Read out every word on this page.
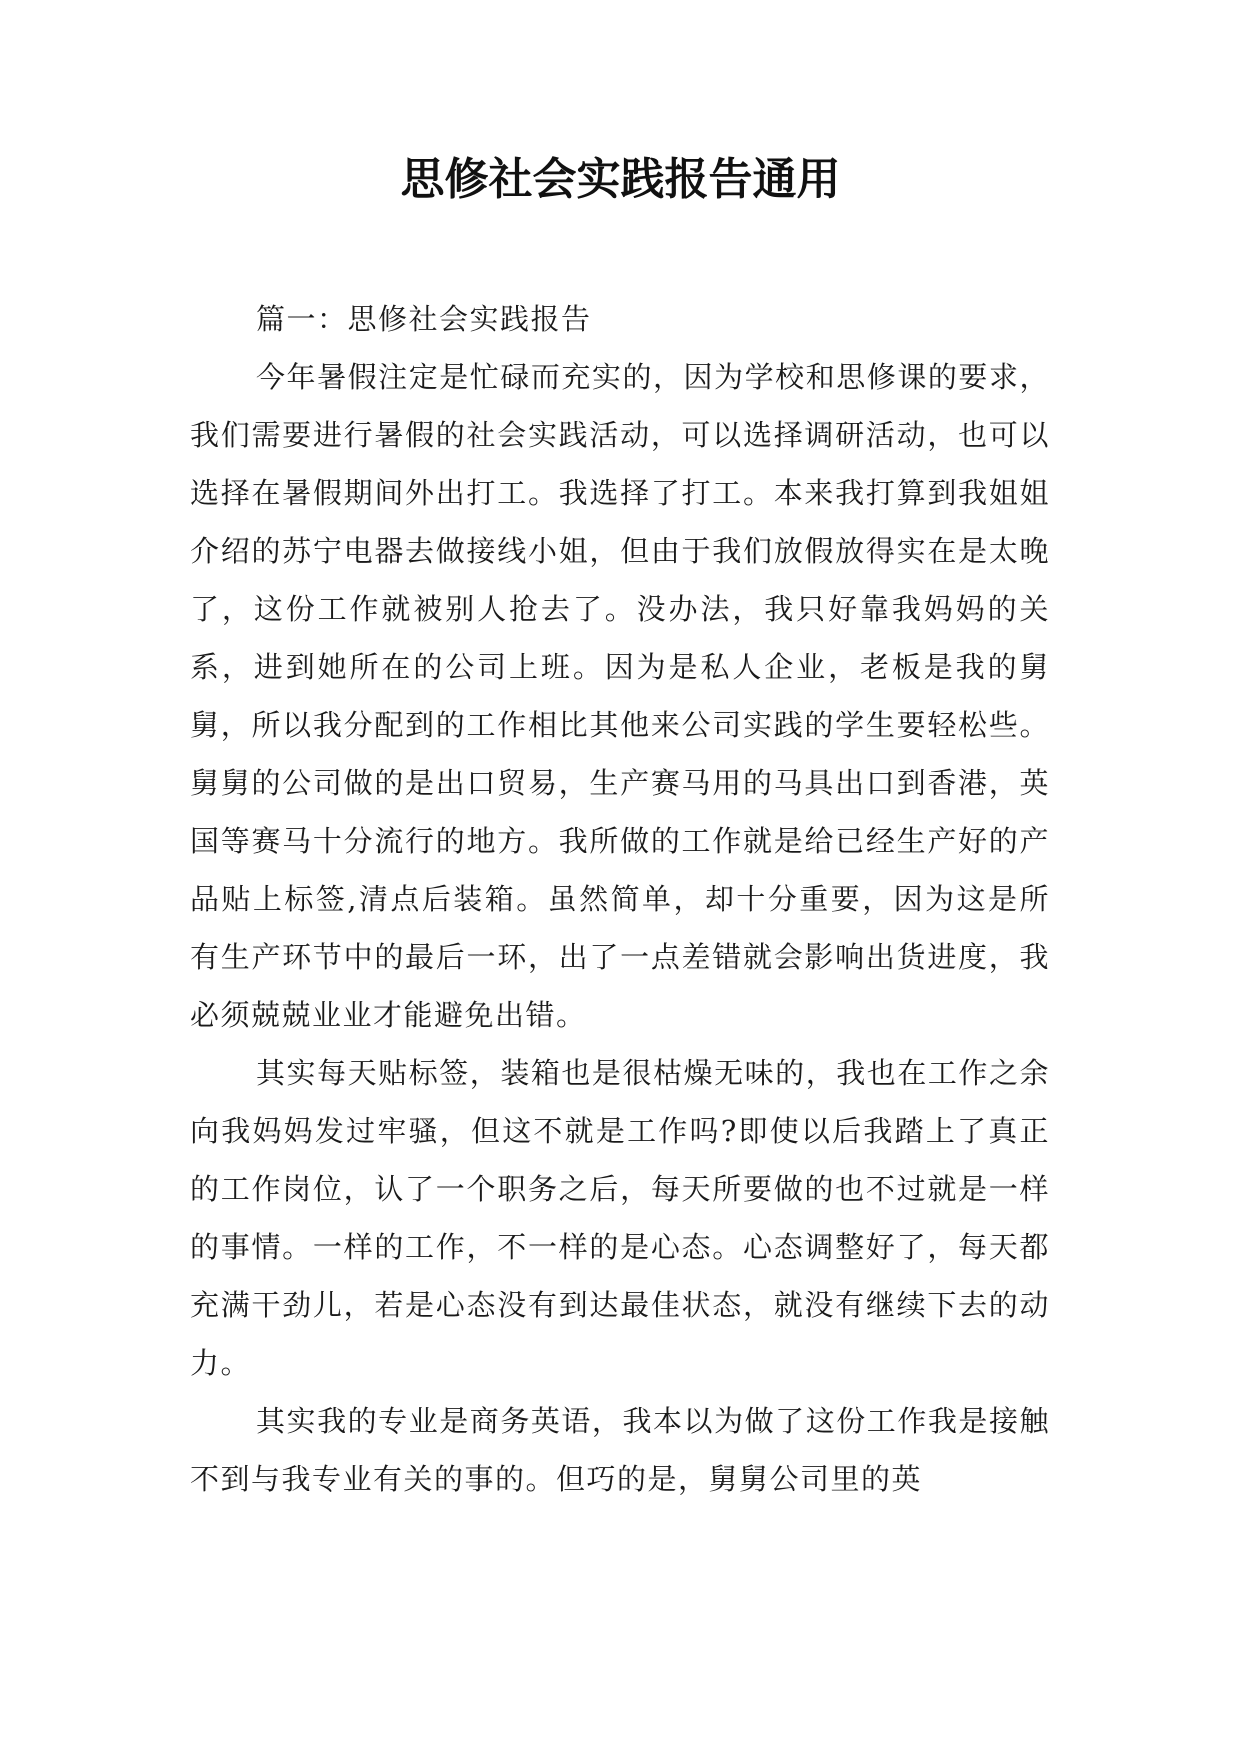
思修社会实践报告通用

篇一：思修社会实践报告

今年暑假注定是忙碌而充实的，因为学校和思修课的要求，我们需要进行暑假的社会实践活动，可以选择调研活动，也可以选择在暑假期间外出打工。我选择了打工。本来我打算到我姐姐介绍的苏宁电器去做接线小姐，但由于我们放假放得实在是太晚了，这份工作就被别人抢去了。没办法，我只好靠我妈妈的关系，进到她所在的公司上班。因为是私人企业，老板是我的舅舅，所以我分配到的工作相比其他来公司实践的学生要轻松些。舅舅的公司做的是出口贸易，生产赛马用的马具出口到香港，英国等赛马十分流行的地方。我所做的工作就是给已经生产好的产品贴上标签,清点后装箱。虽然简单，却十分重要，因为这是所有生产环节中的最后一环，出了一点差错就会影响出货进度，我必须兢兢业业才能避免出错。

其实每天贴标签，装箱也是很枯燥无味的，我也在工作之余向我妈妈发过牢骚，但这不就是工作吗?即使以后我踏上了真正的工作岗位，认了一个职务之后，每天所要做的也不过就是一样的事情。一样的工作，不一样的是心态。心态调整好了，每天都充满干劲儿，若是心态没有到达最佳状态，就没有继续下去的动力。

其实我的专业是商务英语，我本以为做了这份工作我是接触不到与我专业有关的事的。但巧的是，舅舅公司里的英
